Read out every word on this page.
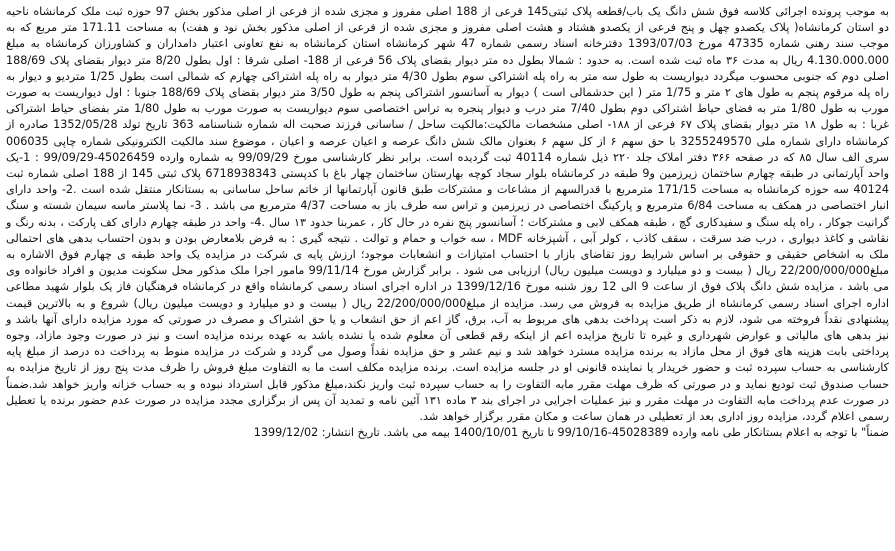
به موجب پرونده اجرائی کلاسه فوق شش دانگ یک باب/قطعه پلاک ثبتی145 فرعی از 188 اصلی مفروز و مجزی شده از فرعی از اصلی مذکور بخش 97 حوزه ثبت ملک کرمانشاه ناحیه دو استان کرمانشاه( پلاک یکصدو چهل و پنج فرعی از یکصدو هشتاد و هشت اصلی مفروز و مجزی شده از فرعی از اصلی مذکور بخش نود و هفت) به مساحت 171.11 متر مربع که به موجب سند رهنی شماره 47335 مورخ 1393/07/03 دفترخانه اسناد رسمی شماره 47 شهر کرمانشاه استان کرمانشاه به نفع تعاونی اعتبار دامداران و کشاورزان کرمانشاه به مبلغ 4.130.000.000 ریال به مدت ۳۶ ماه ثبت شده است. به حدود : شمالا بطول ده متر دیوار بقضای پلاک 56 فرعی از 188- اصلی شرقا : اول بطول 8/20 متر دیوار بقضای پلاک 188/69 اصلی دوم که جنوبی محسوب میگردد دیواریست به طول سه متر به راه پله اشتراکی سوم بطول 4/30 متر دیوار به راه پله اشتراکی چهارم که شمالی است بطول 1/25 متردیو و دیوار به راه پله مرقوم پنجم به طول های ۲ متر و 1/75 متر ( این حدشمالی است ) دیوار به آسانسور اشتراکی پنجم به طول 3/50 متر دیوار بقضای پلاک 188/69 جنوبا : اول دیواریست به صورت مورب به طول 1/80 متر به فضای حیاط اشتراکی دوم بطول 7/40 متر درب و دیوار پنجره به تراس اختصاصی سوم دیواریست به صورت مورب به طول 1/80 متر بفضای حیاط اشتراکی غربا : به طول ۱۸ متر دیوار بقضای پلاک ۶۷ فرعی از ۱۸۸- اصلی مشخصات مالکیت:مالکیت ساحل / ساسانی فرزند صحبت اله شماره شناسنامه 363 تاریخ تولد 1352/05/28 صادره از کرمانشاه دارای شماره ملی 3255249570 با حق سهم ۶ از کل سهم ۶ بعنوان مالک شش دانگ عرصه و اعیان عرصه و اعیان ، موضوع سند مالکیت الکترونیکی شماره چاپی 006035 سری الف سال ۸۵ که در صفحه ۳۶۶ دفتر املاک جلد ۲۲۰ ذیل شماره 40114 ثبت گردیده است. برابر نظر کارشناسی مورخ 99/09/29 به شماره وارده 45026459-99/09/29 : 1-یک واحد آپارتمانی در طبقه چهارم ساختمان زیرزمین و9 طبقه در کرمانشاه بلوار سجاد کوچه بهارستان ساختمان چهار باغ با کدپستی 6718938343 پلاک ثبتی 145 از 188 اصلی شماره ثبت 40124 سه حوزه کرمانشاه به مساحت 171/15 مترمربع با قدرالسهم از مشاعات و مشترکات طبق قانون آپارتمانها از خاتم ساحل ساسانی به بستانکار منتقل شده است .2- واحد دارای انبار اختصاصی در همکف به مساحت 6/84 مترمربع و پارکینگ اختصاصی در زیرزمین و تراس سه طرف باز به مساحت 4/37 مترمربع می باشد . 3- نما پلاستر ماسه سیمان شسته و سنگ گرانیت جوکار ، راه پله سنگ و سفیدکاری گچ ، طبقه همکف لابی و مشترکات ؛ آسانسور پنج نفره در حال کار ، عمربنا حدود ۱۳ سال .4- واحد در طبقه چهارم دارای کف پارکت ، بدنه رنگ و نقاشی و کاغذ دیواری ، درب ضد سرقت ، سقف کاذب ، کولر آبی ، آشپزخانه MDF ، سه خواب و حمام و توالت . نتیجه گیری : به فرض بلامعارض بودن و بدون احتساب بدهی های احتمالی ملک به اشخاص حقیقی و حقوقی بر اساس شرایط روز تقاضای بازار با احتساب امتیازات و انشعابات موجود؛ ارزش پایه ی شرکت در مزایده یک واحد طبقه ی چهارم فوق الاشاره به مبلغ22/200/000/000 ریال ( بیست و دو میلیارد و دویست میلیون ریال) ارزیابی می شود . برابر گزارش مورخ 99/11/14 مامور اجرا ملک مذکور محل سکونت مدیون و افراد خانواده وی می باشد ، مزایده شش دانگ پلاک فوق از ساعت 9 الی 12 روز شنبه مورخ 1399/12/16 در اداره اجرای اسناد رسمی کرمانشاه واقع در کرمانشاه فرهنگیان فاز یک بلوار شهید مطاعی اداره اجرای اسناد رسمی کرمانشاه از طریق مزایده به فروش می رسد. مزایده از مبلغ22/200/000/000 ریال ( بیست و دو میلیارد و دویست میلیون ریال) شروع و به بالاترین قیمت پیشنهادی نقداً فروخته می شود، لازم به ذکر است پرداخت بدهی های مربوط به آب، برق، گاز اعم از حق انشعاب و یا حق اشتراک و مصرف در صورتی که مورد مزایده دارای آنها باشد و نیز بدهی های مالیاتی و عوارض شهرداری و غیره تا تاریخ مزایده اعم از اینکه رقم قطعی آن معلوم شده یا نشده باشد به عهده برنده مزایده است و نیز در صورت وجود مازاد، وجوه پرداختی بابت هزینه های فوق از محل مازاد به برنده مزایده مسترد خواهد شد و نیم عشر و حق مزایده نقداً وصول می گردد و شرکت در مزایده منوط به پرداخت ده درصد از مبلغ پایه کارشناسی به حساب سپرده ثبت و حضور خریدار یا نماینده قانونی او در جلسه مزایده است. برنده مزایده مکلف است ما به التفاوت مبلغ فروش را ظرف مدت پنج روز از تاریخ مزایده به حساب صندوق ثبت تودیع نماید و در صورتی که ظرف مهلت مقرر مابه التفاوت را به حساب سپرده ثبت واریز نکند،مبلغ مذکور قابل استرداد نبوده و به حساب خزانه واریز خواهد شد.ضمناً در صورت عدم پرداخت مابه التفاوت در مهلت مقرر و نیز عملیات اجرایی در اجرای بند ۳ ماده ۱۳۱ آئین نامه و تمدید آن پس از برگزاری مجدد مزایده در صورت عدم حضور برنده یا تعطیل رسمی اعلام گردد، مزایده روز اداری بعد از تعطیلی در همان ساعت و مکان مقرر برگزار خواهد شد.

ضمناً" با توجه به اعلام بستانکار طی نامه وارده 45028389-99/10/16 تا تاریخ 1400/10/01 بیمه می باشد. تاریخ انتشار: 1399/12/02
